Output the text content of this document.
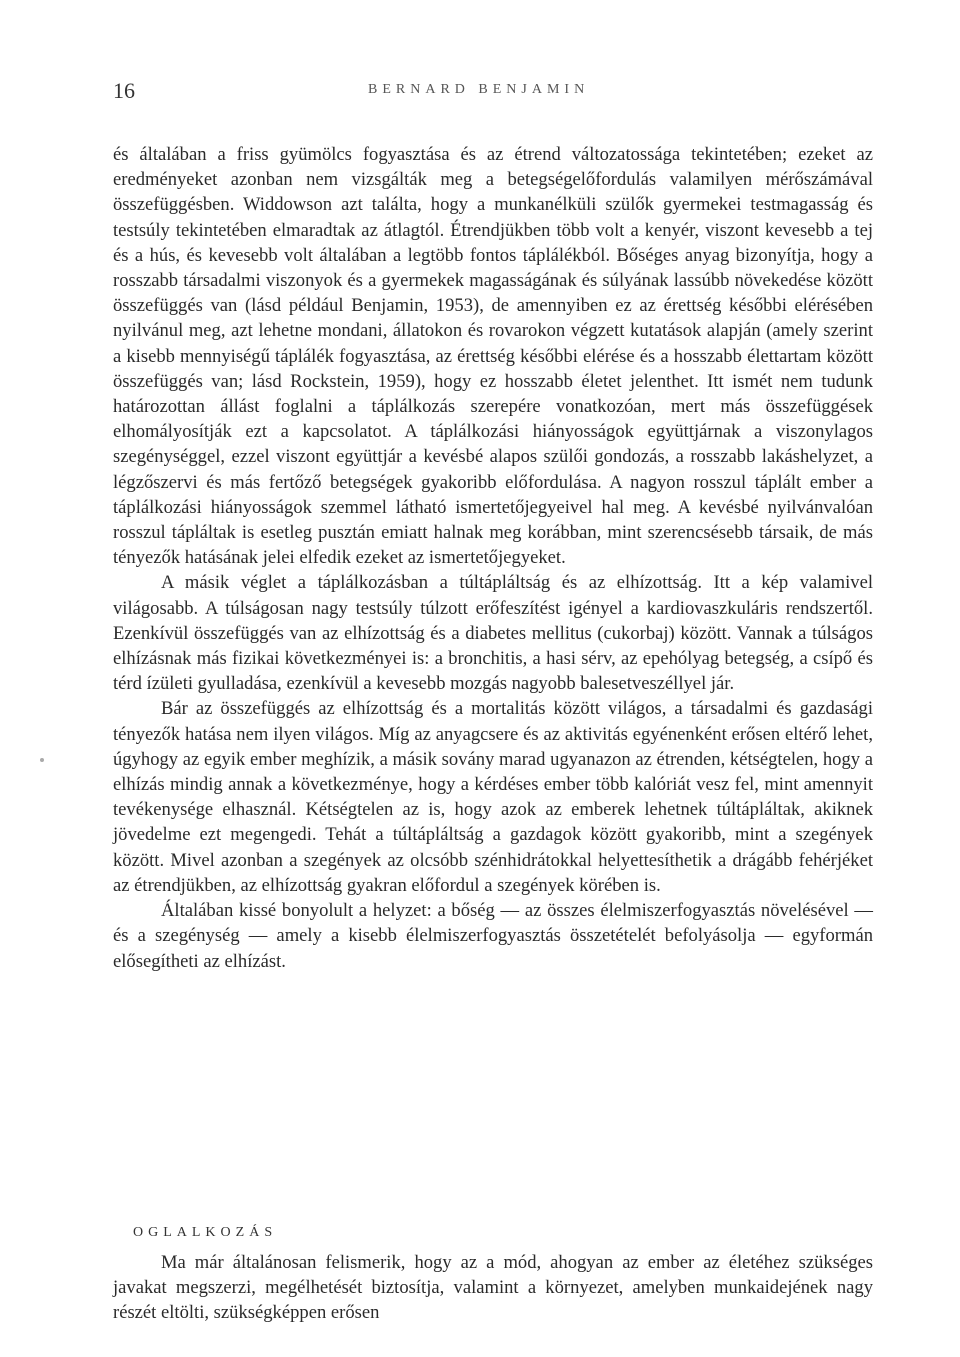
16	BERNARD BENJAMIN

és általában a friss gyümölcs fogyasztása és az étrend változatossága tekintetében; ezeket az eredményeket azonban nem vizsgálták meg a betegségelőfordulás valamilyen mérőszámával összefüggésben. Widdowson azt találta, hogy a munkanélküli szülők gyermekei testmagasság és testsúly tekintetében elmaradtak az átlagtól. Étrendjükben több volt a kenyér, viszont kevesebb a tej és a hús, és kevesebb volt általában a legtöbb fontos táplálékból. Bőséges anyag bizonyítja, hogy a rosszabb társadalmi viszonyok és a gyermekek magasságának és súlyának lassúbb növekedése között összefüggés van (lásd például Benjamin, 1953), de amennyiben ez az érettség későbbi elérésében nyilvánul meg, azt lehetne mondani, állatokon és rovarokon végzett kutatások alapján (amely szerint a kisebb mennyiségű táplálék fogyasztása, az érettség későbbi elérése és a hosszabb élettartam között összefüggés van; lásd Rockstein, 1959), hogy ez hosszabb életet jelenthet. Itt ismét nem tudunk határozottan állást foglalni a táplálkozás szerepére vonatkozóan, mert más összefüggések elhomályosítják ezt a kapcsolatot. A táplálkozási hiányosságok együttjárnak a viszonylagos szegénységgel, ezzel viszont együttjár a kevésbé alapos szülői gondozás, a rosszabb lakáshelyzet, a légzőszervi és más fertőző betegségek gyakoribb előfordulása. A nagyon rosszul táplált ember a táplálkozási hiányosságok szemmel látható ismertetőjegyeivel hal meg. A kevésbé nyilvánvalóan rosszul tápláltak is esetleg pusztán emiatt halnak meg korábban, mint szerencsésebb társaik, de más tényezők hatásának jelei elfedik ezeket az ismertetőjegyeket.

A másik véglet a táplálkozásban a túltápláltság és az elhízottság. Itt a kép valamivel világosabb. A túlságosan nagy testsúly túlzott erőfeszítést igényel a kardiovaszkuláris rendszertől. Ezenkívül összefüggés van az elhízottság és a diabetes mellitus (cukorbaj) között. Vannak a túlságos elhízásnak más fizikai következményei is: a bronchitis, a hasi sérv, az epehólyag betegség, a csípő és térd ízületi gyulladása, ezenkívül a kevesebb mozgás nagyobb balesetveszéllyel jár.

Bár az összefüggés az elhízottság és a mortalitás között világos, a társadalmi és gazdasági tényezők hatása nem ilyen világos. Míg az anyagcsere és az aktivitás egyénenként erősen eltérő lehet, úgyhogy az egyik ember meghízik, a másik sovány marad ugyanazon az étrenden, kétségtelen, hogy a elhízás mindig annak a következménye, hogy a kérdéses ember több kalóriát vesz fel, mint amennyit tevékenysége elhasznál. Kétségtelen az is, hogy azok az emberek lehetnek túltápláltak, akiknek jövedelme ezt megengedi. Tehát a túltápláltság a gazdagok között gyakoribb, mint a szegények között. Mivel azonban a szegények az olcsóbb szénhidrátokkal helyettesíthetik a drágább fehérjéket az étrendjükben, az elhízottság gyakran előfordul a szegények körében is.

Általában kissé bonyolult a helyzet: a bőség — az összes élelmiszerfogyasztás növelésével — és a szegénység — amely a kisebb élelmiszerfogyasztás összetételét befolyásolja — egyformán elősegítheti az elhízást.

OGLALKOZÁS

Ma már általánosan felismerik, hogy az a mód, ahogyan az ember az életéhez szükséges javakat megszerzi, megélhetését biztosítja, valamint a környezet, amelyben munkaidejének nagy részét eltölti, szükségképpen erősen
